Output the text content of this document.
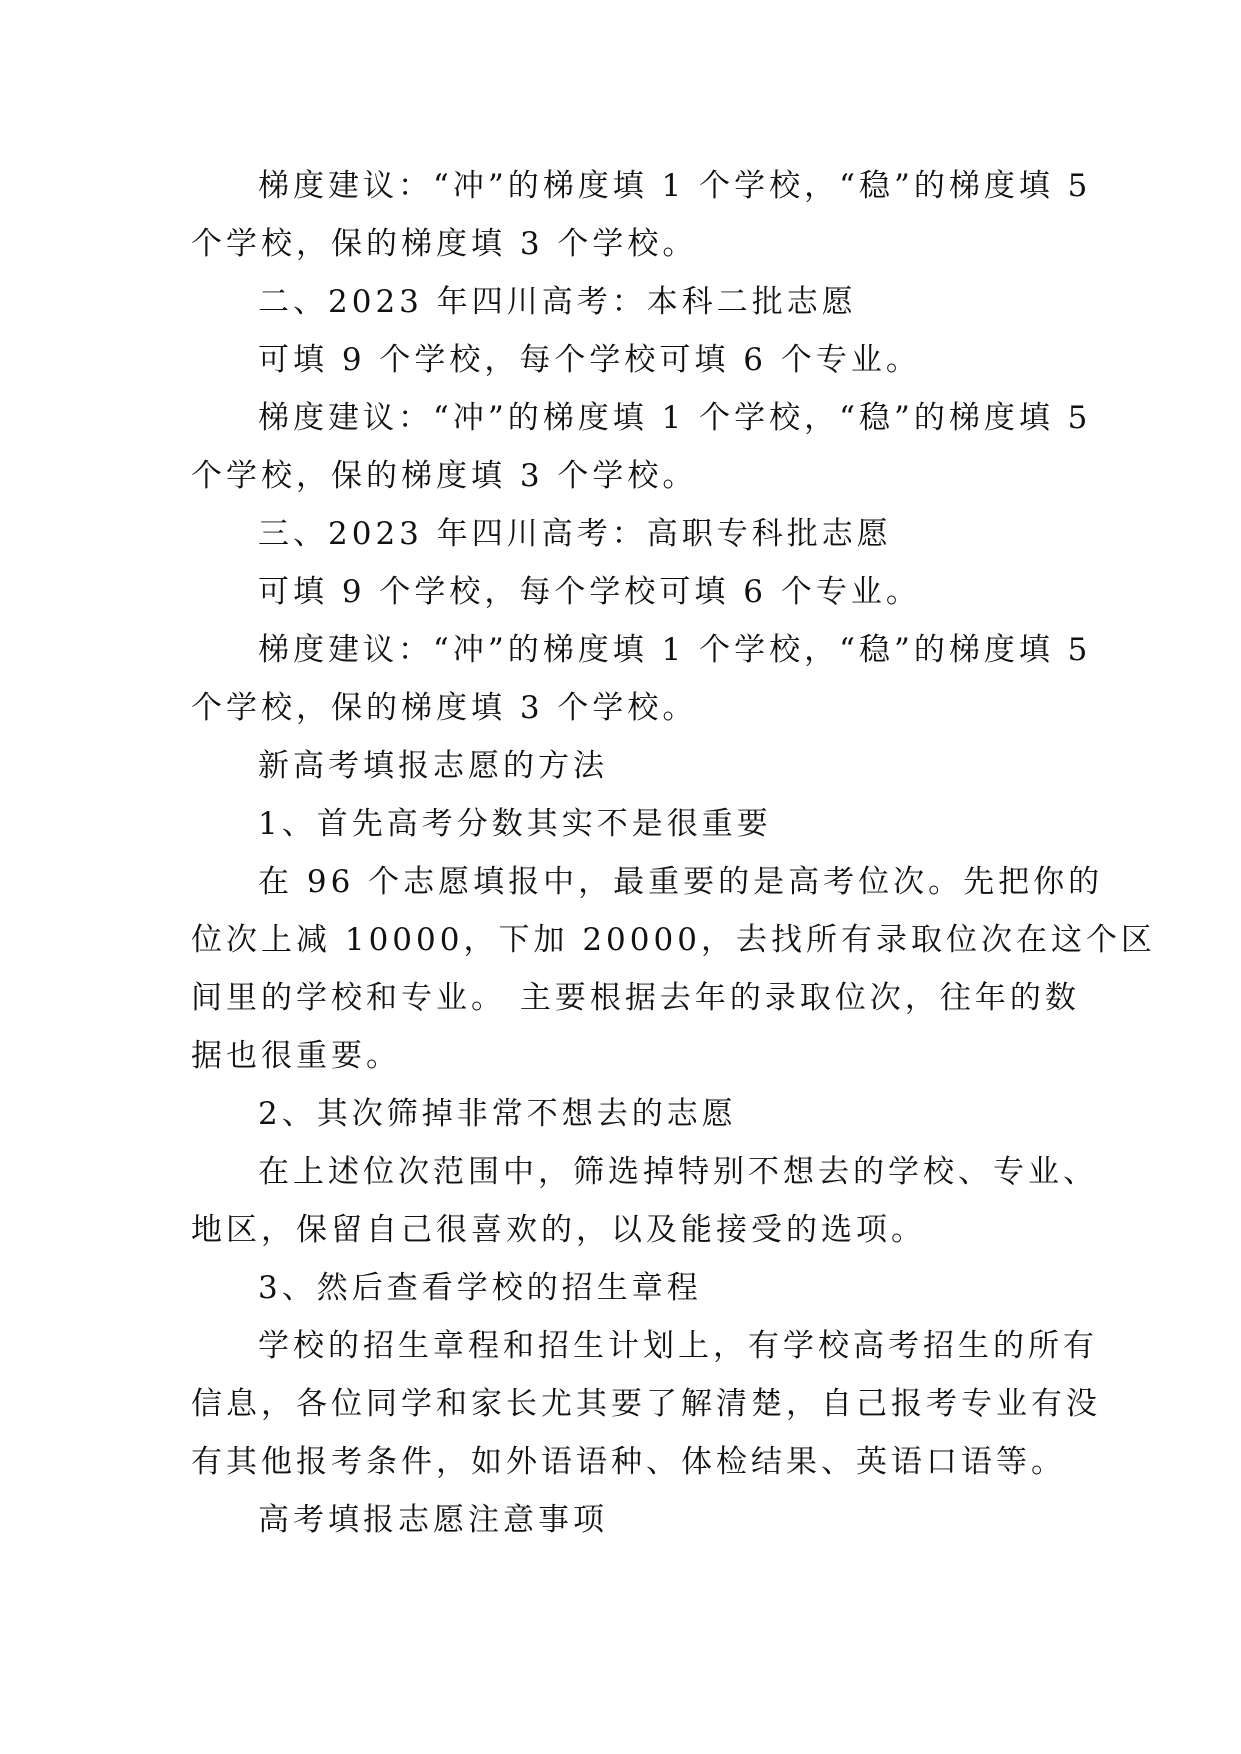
梯度建议：“冲”的梯度填 1 个学校，“稳”的梯度填 5
个学校，保的梯度填 3 个学校。
二、2023 年四川高考：本科二批志愿
可填 9 个学校，每个学校可填 6 个专业。
梯度建议：“冲”的梯度填 1 个学校，“稳”的梯度填 5
个学校，保的梯度填 3 个学校。
三、2023 年四川高考：高职专科批志愿
可填 9 个学校，每个学校可填 6 个专业。
梯度建议：“冲”的梯度填 1 个学校，“稳”的梯度填 5
个学校，保的梯度填 3 个学校。
新高考填报志愿的方法
1、首先高考分数其实不是很重要
在 96 个志愿填报中，最重要的是高考位次。先把你的
位次上减 10000，下加 20000，去找所有录取位次在这个区
间里的学校和专业。 主要根据去年的录取位次，往年的数
据也很重要。
2、其次筛掉非常不想去的志愿
在上述位次范围中，筛选掉特别不想去的学校、专业、
地区，保留自己很喜欢的，以及能接受的选项。
3、然后查看学校的招生章程
学校的招生章程和招生计划上，有学校高考招生的所有
信息，各位同学和家长尤其要了解清楚，自己报考专业有没
有其他报考条件，如外语语种、体检结果、英语口语等。
高考填报志愿注意事项
